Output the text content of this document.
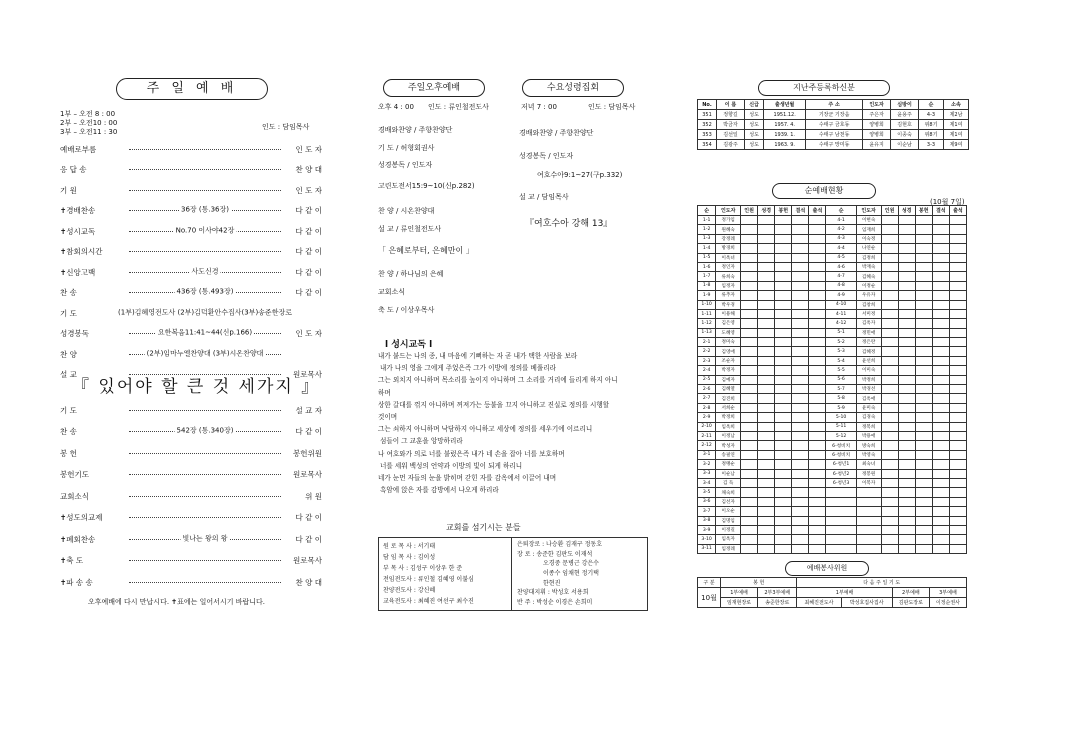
주 일 예 배
1부 – 오전 8 : 00
2부 – 오전10 : 00
3부 – 오전11 : 30
인도 : 담임목사
예배로부름	인 도 자
응 답 송	찬 양 대
기 원	인 도 자
✝경배찬송	36장 (통.36장)	다 같 이
✝성시교독	No.70 이사야42장	다 같 이
✝참회의시간	다 같 이
✝신앙고백	사도신경	다 같 이
찬 송	436장 (통.493장)	다 같 이
기 도	(1부)김혜영전도사 (2부)김덕환안수집사(3부)송준한장로
성경봉독	요한복음11:41~44(신p.166)	인 도 자
찬 양	(2부)임마누엘찬양대 (3부)시온찬양대
설 교	원로목사
『 있어야 할 큰 것 세가지 』
기 도	설 교 자
찬 송	542장 (통.340장)	다 같 이
봉 헌	봉헌위원
봉헌기도	원로목사
교회소식	위 원
✝성도의교제	다 같 이
✝폐회찬송	빛나는 왕의 왕	다 같 이
✝축 도	원로목사
✝파 송 송	찬 양 대
오후예배에 다시 만납시다. ✝표에는 일어서시기 바랍니다.
주일오후예배
오후 4 : 00 인도 : 류인철전도사
수요성령집회
저녁 7 : 00	인도 : 담임목사
경배와찬양 / 주향찬양단
기 도 / 허형회권사
성경봉독 / 인도자
고린도전서15:9~10(신p.282)
찬 양 / 시온찬양대
설 교 / 류인철전도사
「 은혜로부터, 은혜만이 」
찬 양 / 하나님의 은혜
교회소식
축 도 / 이상우목사
경배와찬양 / 주향찬양단
성경봉독 / 인도자
여호수아9:1~27(구p.332)
설 교 / 담임목사
『여호수아 강해 13』
l 성시교독 l
내가 붙드는 나의 종, 내 마음에 기뻐하는 자 곧 내가 택한 사람을 보라
내가 나의 영을 그에게 주었은즉 그가 이방에 정의를 베풀리라
그는 외치지 아니하며 목소리를 높이지 아니하며 그 소리를 거리에 들리게 하지 아니
하며
상한 갈대를 꺾지 아니하며 꺼져가는 등불을 끄지 아니하고 진실로 정의를 시행할
것이며
그는 쇠하지 아니하며 낙담하지 아니하고 세상에 정의를 세우기에 이르리니
섬들이 그 교훈을 앙망하리라
나 여호와가 의로 너를 불렀은즉 내가 네 손을 잡아 너를 보호하며
너를 세워 백성의 언약과 이방의 빛이 되게 하리니
네가 눈먼 자들의 눈을 밝히며 갇힌 자를 감옥에서 이끌어 내며
흑암에 앉은 자를 감방에서 나오게 하리라
교회를 섬기시는 분들
원 로 목 사 : 서기태
담 임 목 사 : 김이성
부 목 사 : 김성구 이상우 한 준
전임전도사 : 류인철 김혜영 이불심
찬양전도사 : 강신혜
교육전도사 : 최혜진 여선구 최수진
은퇴장로 : 나승환 김재구 정동호
장 로 : 송준한 김판도 이재석
오경중 문병근 강은수
이종수 임채현 정기택
한현진
찬양대지휘 : 박성호 서용희
반 주 : 박성순 이경은 손희미
지난주등록하신분
No.	이 름	신급	출생년월	주 소	인도자	심방이	순	소속
351	정향길	성도	1951.12.	기장군 기장읍	주은자	윤용주	4-3	제2남
352	박금자	성도	1957. 4.	수태구 금호동	양병희	김현호	위8기	제1여
353	김선일	성도	1939. 1.	수태구 남천동	양병희	이종숙	위8기	제1여
354	김광주	성도	1963. 9.	수태구 망미동	윤유지	이순남	3-3	제9여
순예배현황
(10월 7일)
순	인도자	인원	성경	봉헌	결석	출석	순	인도자	인원	성경	봉헌	결석	출석
1-1	정가임						4-1	이현숙					
1-2	원혜숙						4-2	임재희					
1-3	강정례						4-3	이숙정					
1-4	방경희						4-4	나연순					
1-5	이옥녀						4-5	김정희					
1-6	정인자						4-6	박재숙					
1-7	류희숙						4-7	김혜숙					
1-8	임정자						4-8	이정순					
1-9	류추자						4-9	우유자					
1-10	박우경						4-10	김창희					
1-11	이용해						4-11	서미정					
1-12	김은영						4-12	김옥자					
1-13	도혜영						5-1	정민애					
2-1	정미숙						5-2	정은란					
2-2	김영애						5-3	김혜정					
2-3	조순자						5-4	윤선희					
2-4	박정자						5-5	이미숙					
2-5	김예자						5-6	박정희					
2-6	김혜열						5-7	박경선					
2-7	김진희						5-8	김옥애					
2-8	서희순						5-9	윤미숙					
2-9	박정희						5-10	김경숙					
2-10	임옥희						5-11	정복희					
2-11	이정남						5-12	박용애					
2-12	박성자						6-청비치	방숙희					
3-1	송필연						6-청비치	박영숙					
3-2	정맹순						6-청년1	최숙녀					
3-3	이순남						6-청년2	정봉원					
3-4	김 득						6-청년3	이복자					
3-5	채숙희												
3-6	김선자												
3-7	이오순												
3-8	김명임												
3-9	이정길												
3-10	임옥자												
3-11	임정례												
예배봉사위원
구 분	봉 헌		다 음 주 일 기 도			
10월	1부예배	2부3부예배	1부예배		2부예배	3부예배
	임재현장로	송준한장로	최혜진전도사	박성호집사집사	김판도장로	이정순권사
